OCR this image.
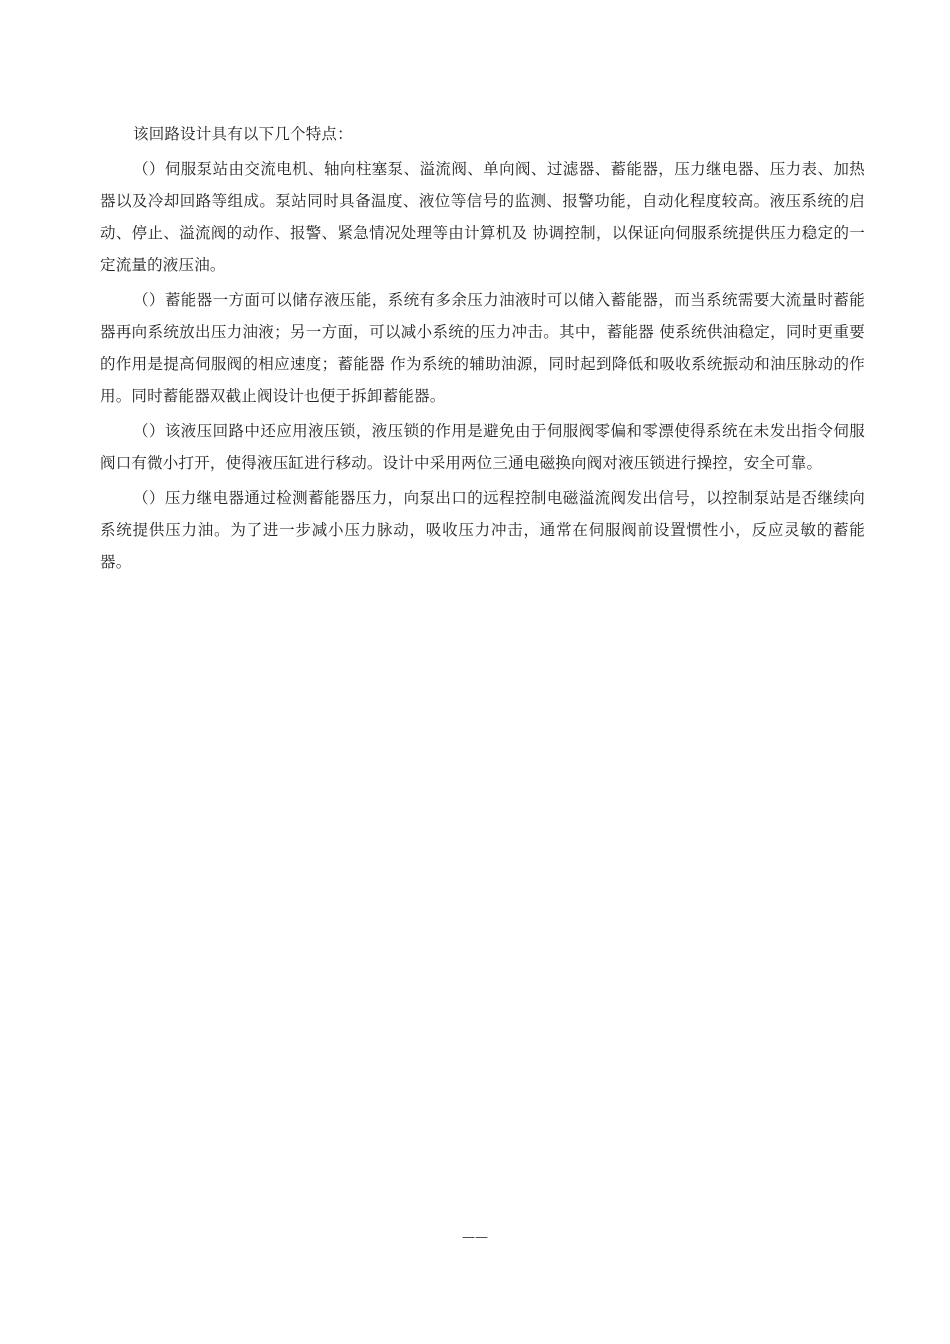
该回路设计具有以下几个特点：

（）伺服泵站由交流电机、轴向柱塞泵、溢流阀、单向阀、过滤器、蓄能器，压力继电器、压力表、加热器以及冷却回路等组成。泵站同时具备温度、液位等信号的监测、报警功能，自动化程度较高。液压系统的启动、停止、溢流阀的动作、报警、紧急情况处理等由计算机及 协调控制，以保证向伺服系统提供压力稳定的一定流量的液压油。

（）蓄能器一方面可以储存液压能，系统有多余压力油液时可以储入蓄能器，而当系统需要大流量时蓄能器再向系统放出压力油液；另一方面，可以减小系统的压力冲击。其中，蓄能器 使系统供油稳定，同时更重要的作用是提高伺服阀的相应速度；蓄能器 作为系统的辅助油源，同时起到降低和吸收系统振动和油压脉动的作用。同时蓄能器双截止阀设计也便于拆卸蓄能器。

（）该液压回路中还应用液压锁，液压锁的作用是避免由于伺服阀零偏和零漂使得系统在未发出指令伺服阀口有微小打开，使得液压缸进行移动。设计中采用两位三通电磁换向阀对液压锁进行操控，安全可靠。

（）压力继电器通过检测蓄能器压力，向泵出口的远程控制电磁溢流阀发出信号，以控制泵站是否继续向系统提供压力油。为了进一步减小压力脉动，吸收压力冲击，通常在伺服阀前设置惯性小，反应灵敏的蓄能器。

——
